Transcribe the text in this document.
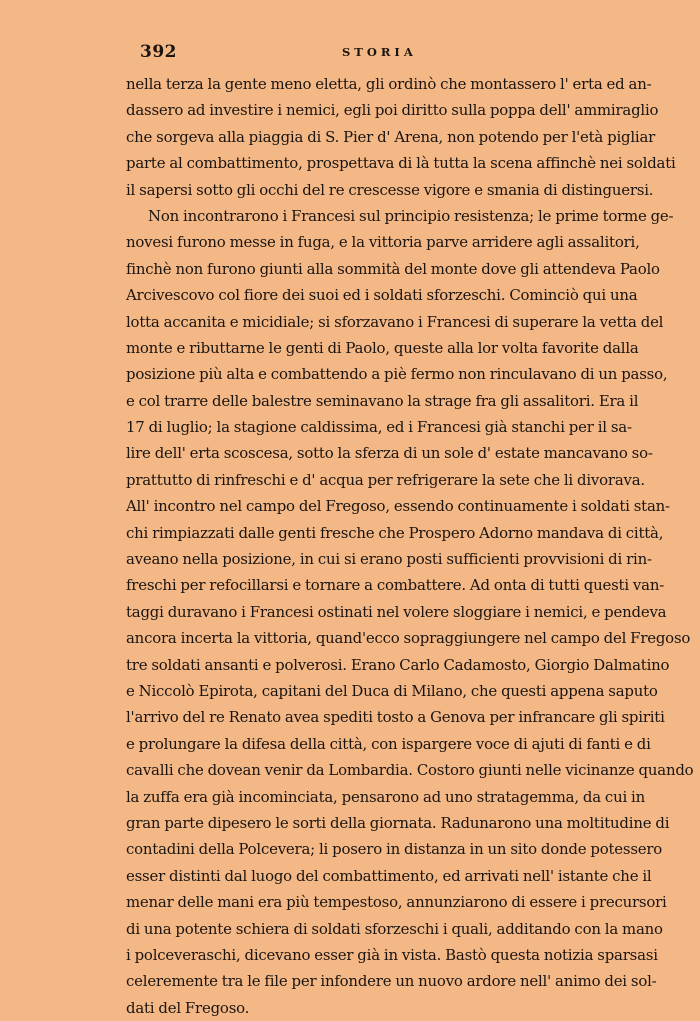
392	STORIA
nella terza la gente meno eletta, gli ordinò che montassero l' erta ed an-
dassero ad investire i nemici, egli poi diritto sulla poppa dell' ammiraglio
che sorgeva alla piaggia di S. Pier d' Arena, non potendo per l'età pigliar
parte al combattimento, prospettava di là tutta la scena affinchè nei soldati
il sapersi sotto gli occhi del re crescesse vigore e smania di distinguersi.
Non incontrarono i Francesi sul principio resistenza; le prime torme ge-
novesi furono messe in fuga, e la vittoria parve arridere agli assalitori,
finchè non furono giunti alla sommità del monte dove gli attendeva Paolo
Arcivescovo col fiore dei suoi ed i soldati sforzeschi. Cominciò qui una
lotta accanita e micidiale; si sforzavano i Francesi di superare la vetta del
monte e ributtarne le genti di Paolo, queste alla lor volta favorite dalla
posizione più alta e combattendo a piè fermo non rinculavano di un passo,
e col trarre delle balestre seminavano la strage fra gli assalitori. Era il
17 di luglio; la stagione caldissima, ed i Francesi già stanchi per il sa-
lire dell' erta scoscesa, sotto la sferza di un sole d' estate mancavano so-
prattutto di rinfreschi e d' acqua per refrigerare la sete che li divorava.
All' incontro nel campo del Fregoso, essendo continuamente i soldati stan-
chi rimpiazzati dalle genti fresche che Prospero Adorno mandava di città,
aveano nella posizione, in cui si erano posti sufficienti provvisioni di rin-
freschi per refocillarsi e tornare a combattere. Ad onta di tutti questi van-
taggi duravano i Francesi ostinati nel volere sloggiare i nemici, e pendeva
ancora incerta la vittoria, quand'ecco sopraggiungere nel campo del Fregoso
tre soldati ansanti e polverosi. Erano Carlo Cadamosto, Giorgio Dalmatino
e Niccolò Epirota, capitani del Duca di Milano, che questi appena saputo
l'arrivo del re Renato avea spediti tosto a Genova per infrancare gli spiriti
e prolungare la difesa della città, con ispargere voce di ajuti di fanti e di
cavalli che dovean venir da Lombardia. Costoro giunti nelle vicinanze quando
la zuffa era già incominciata, pensarono ad uno stratagemma, da cui in
gran parte dipesero le sorti della giornata. Radunarono una moltitudine di
contadini della Polcevera; li posero in distanza in un sito donde potessero
esser distinti dal luogo del combattimento, ed arrivati nell' istante che il
menar delle mani era più tempestoso, annunziarono di essere i precursori
di una potente schiera di soldati sforzeschi i quali, additando con la mano
i polceveraschi, dicevano esser già in vista. Bastò questa notizia sparsasi
celeremente tra le file per infondere un nuovo ardore nell' animo dei sol-
dati del Fregoso.
